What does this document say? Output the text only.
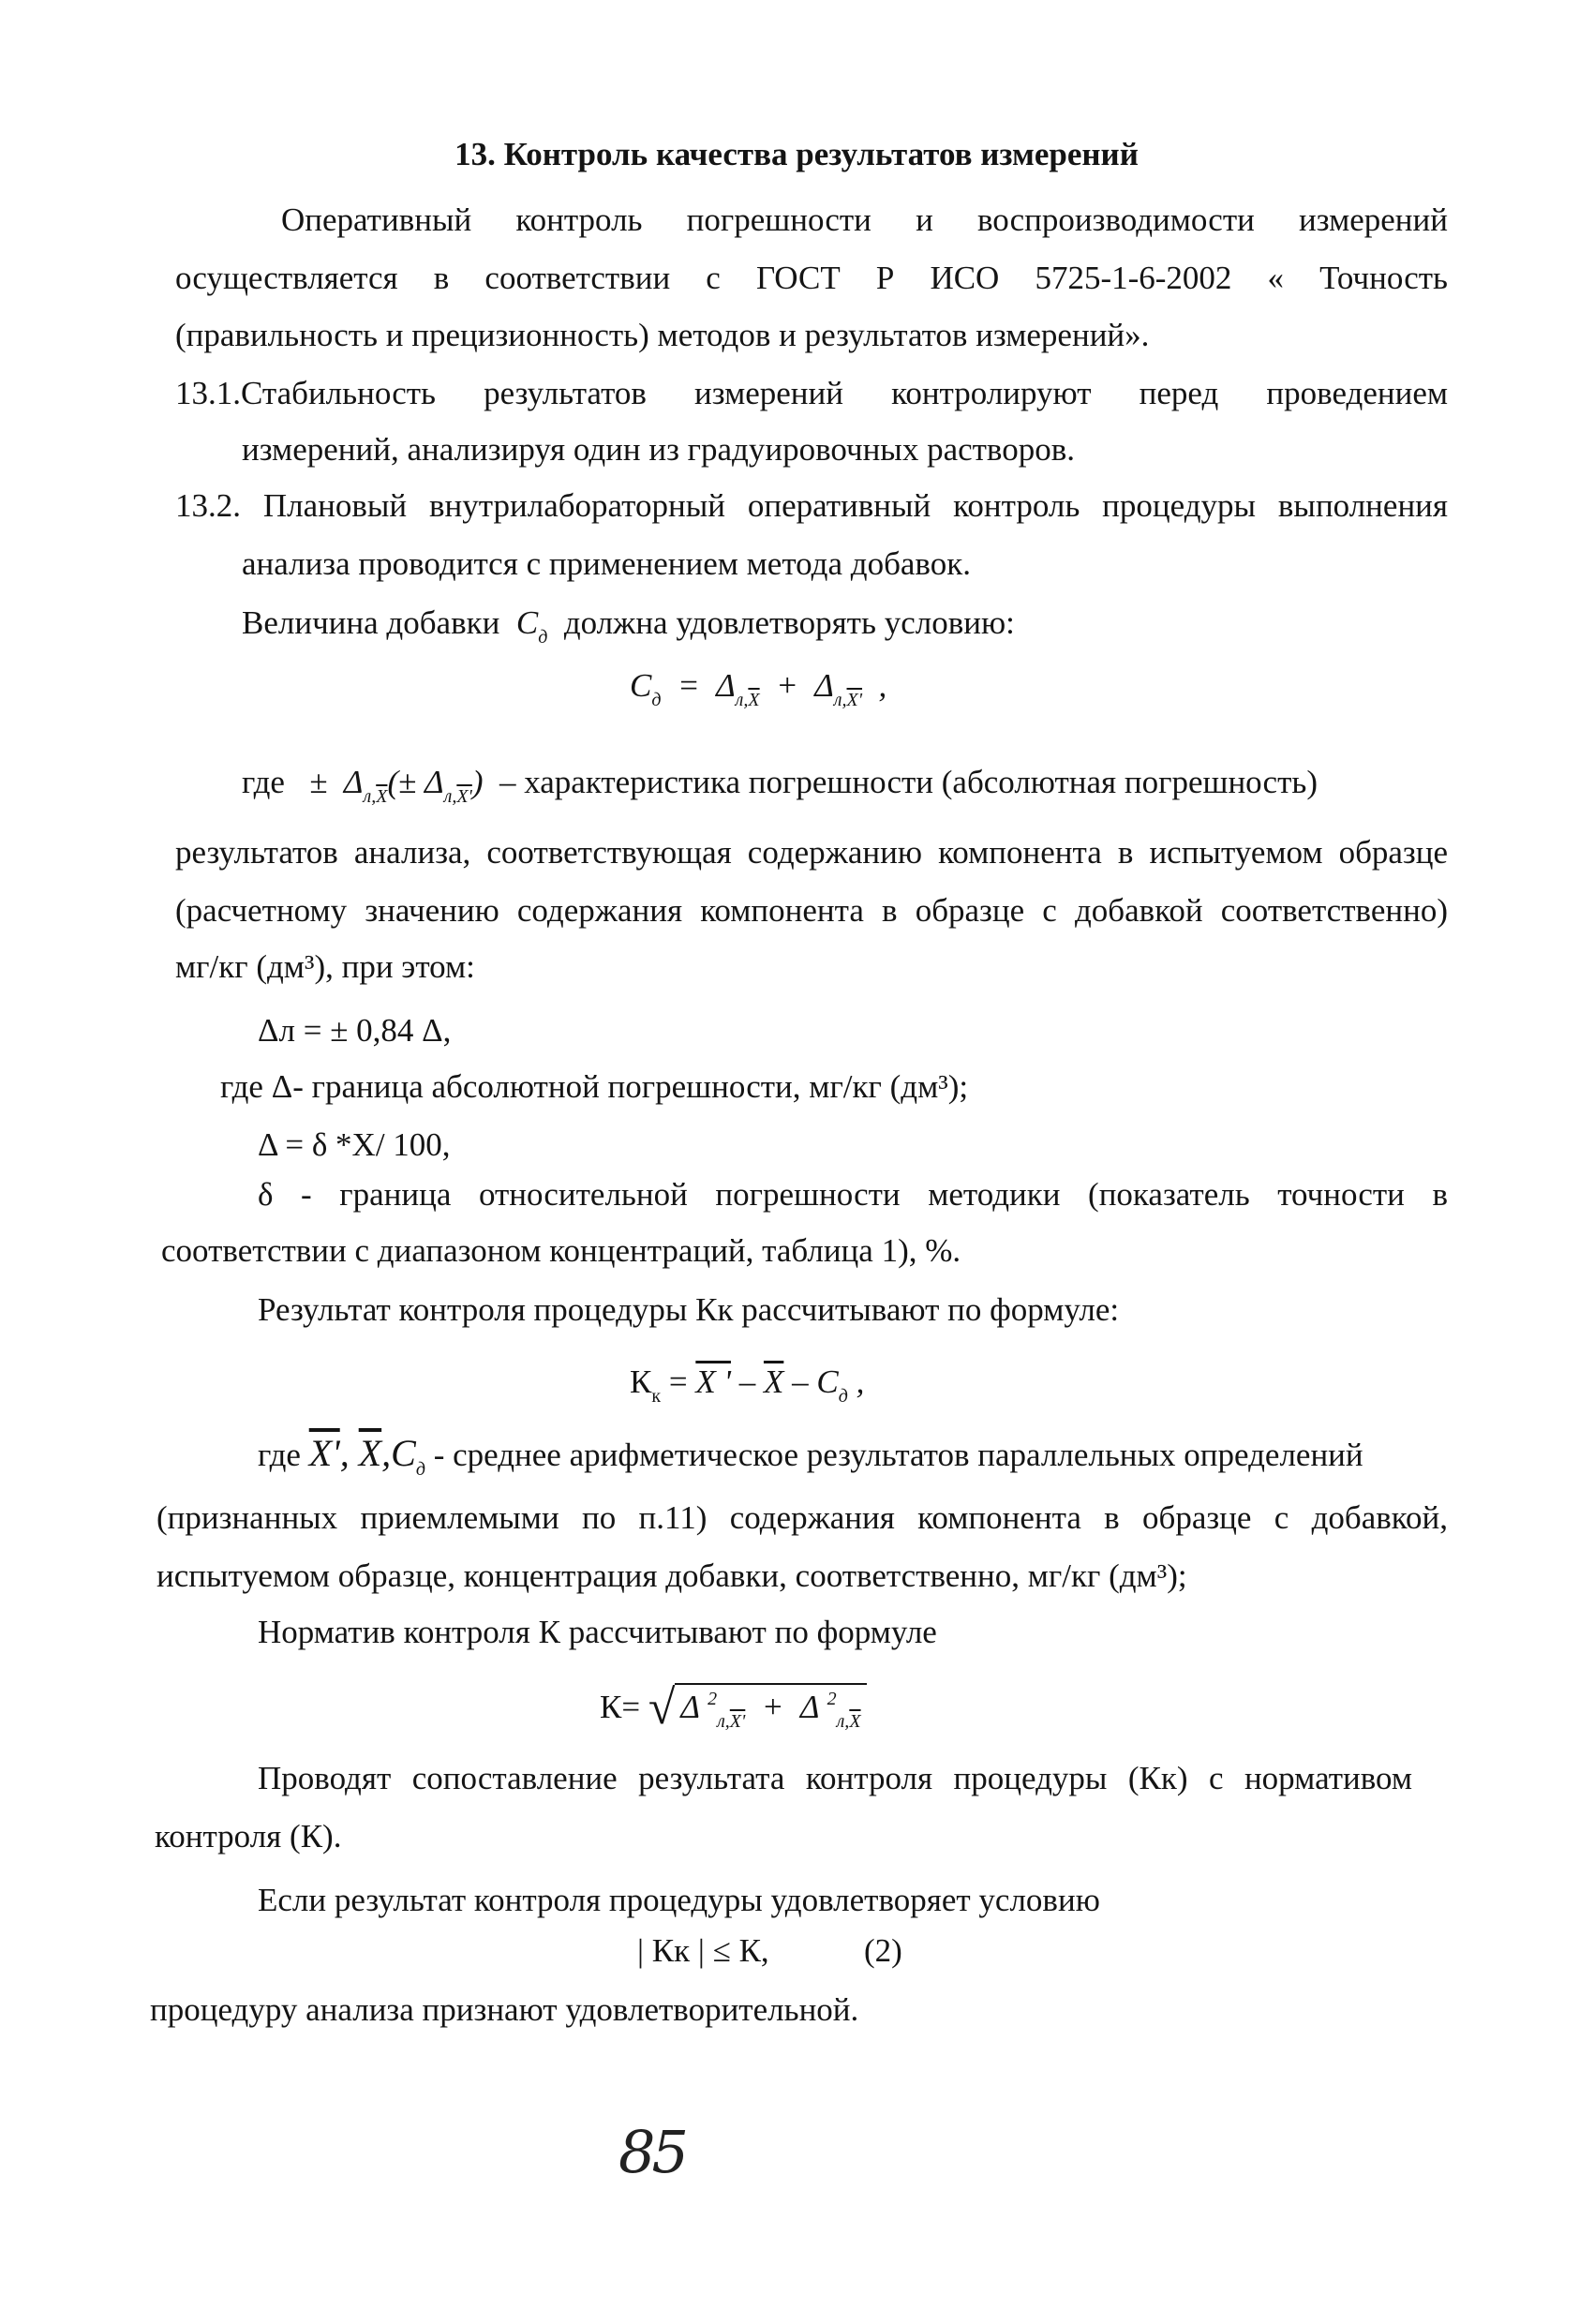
13. Контроль качества результатов измерений
Оперативный контроль погрешности и воспроизводимости измерений
осуществляется в соответствии с ГОСТ Р ИСО 5725-1-6-2002 « Точность
(правильность и прецизионность) методов и результатов измерений».
13.1.Стабильность результатов измерений контролируют перед проведением
измерений, анализируя один из градуировочных растворов.
13.2. Плановый внутрилабораторный оперативный контроль процедуры выполнения
анализа проводится с применением метода добавок.
Величина добавки  $C_д$ должна удовлетворять условию:
$C_д = \Delta_{л,\overline{X}} + \Delta_{л,X'}$  ,
где   ±  $\Delta_{л,\overline{X}}(\pm \Delta_{л,X'})$  – характеристика погрешности (абсолютная погрешность)
результатов анализа, соответствующая содержанию компонента в испытуемом образце
(расчетному значению содержания компонента в образце с добавкой соответственно)
мг/кг (дм³), при этом:
Δл = ± 0,84 Δ,
где Δ- граница абсолютной погрешности, мг/кг (дм³);
Δ = δ *X/ 100,
δ - граница относительной погрешности методики (показатель точности в
соответствии с диапазоном концентраций, таблица 1), %.
Результат контроля процедуры Кк рассчитывают по формуле:
$К_к = X$ ' – $\overline{X} - C_д$ ,
где X', $\overline{X},C_д$ - среднее арифметическое результатов параллельных определений
(признанных приемлемыми по п.11) содержания компонента в образце с добавкой,
испытуемом образце, концентрация добавки, соответственно, мг/кг (дм³);
Норматив контроля К рассчитывают по формуле
К= √ Δ $^2_{л,X'}$  +  Δ $^2_{л,\overline{X}}$
Проводят сопоставление результата контроля процедуры (Кк) с нормативом
контроля (К).
Если результат контроля процедуры удовлетворяет условию
| Кк | ≤ К,	(2)
процедуру анализа признают удовлетворительной.
85
